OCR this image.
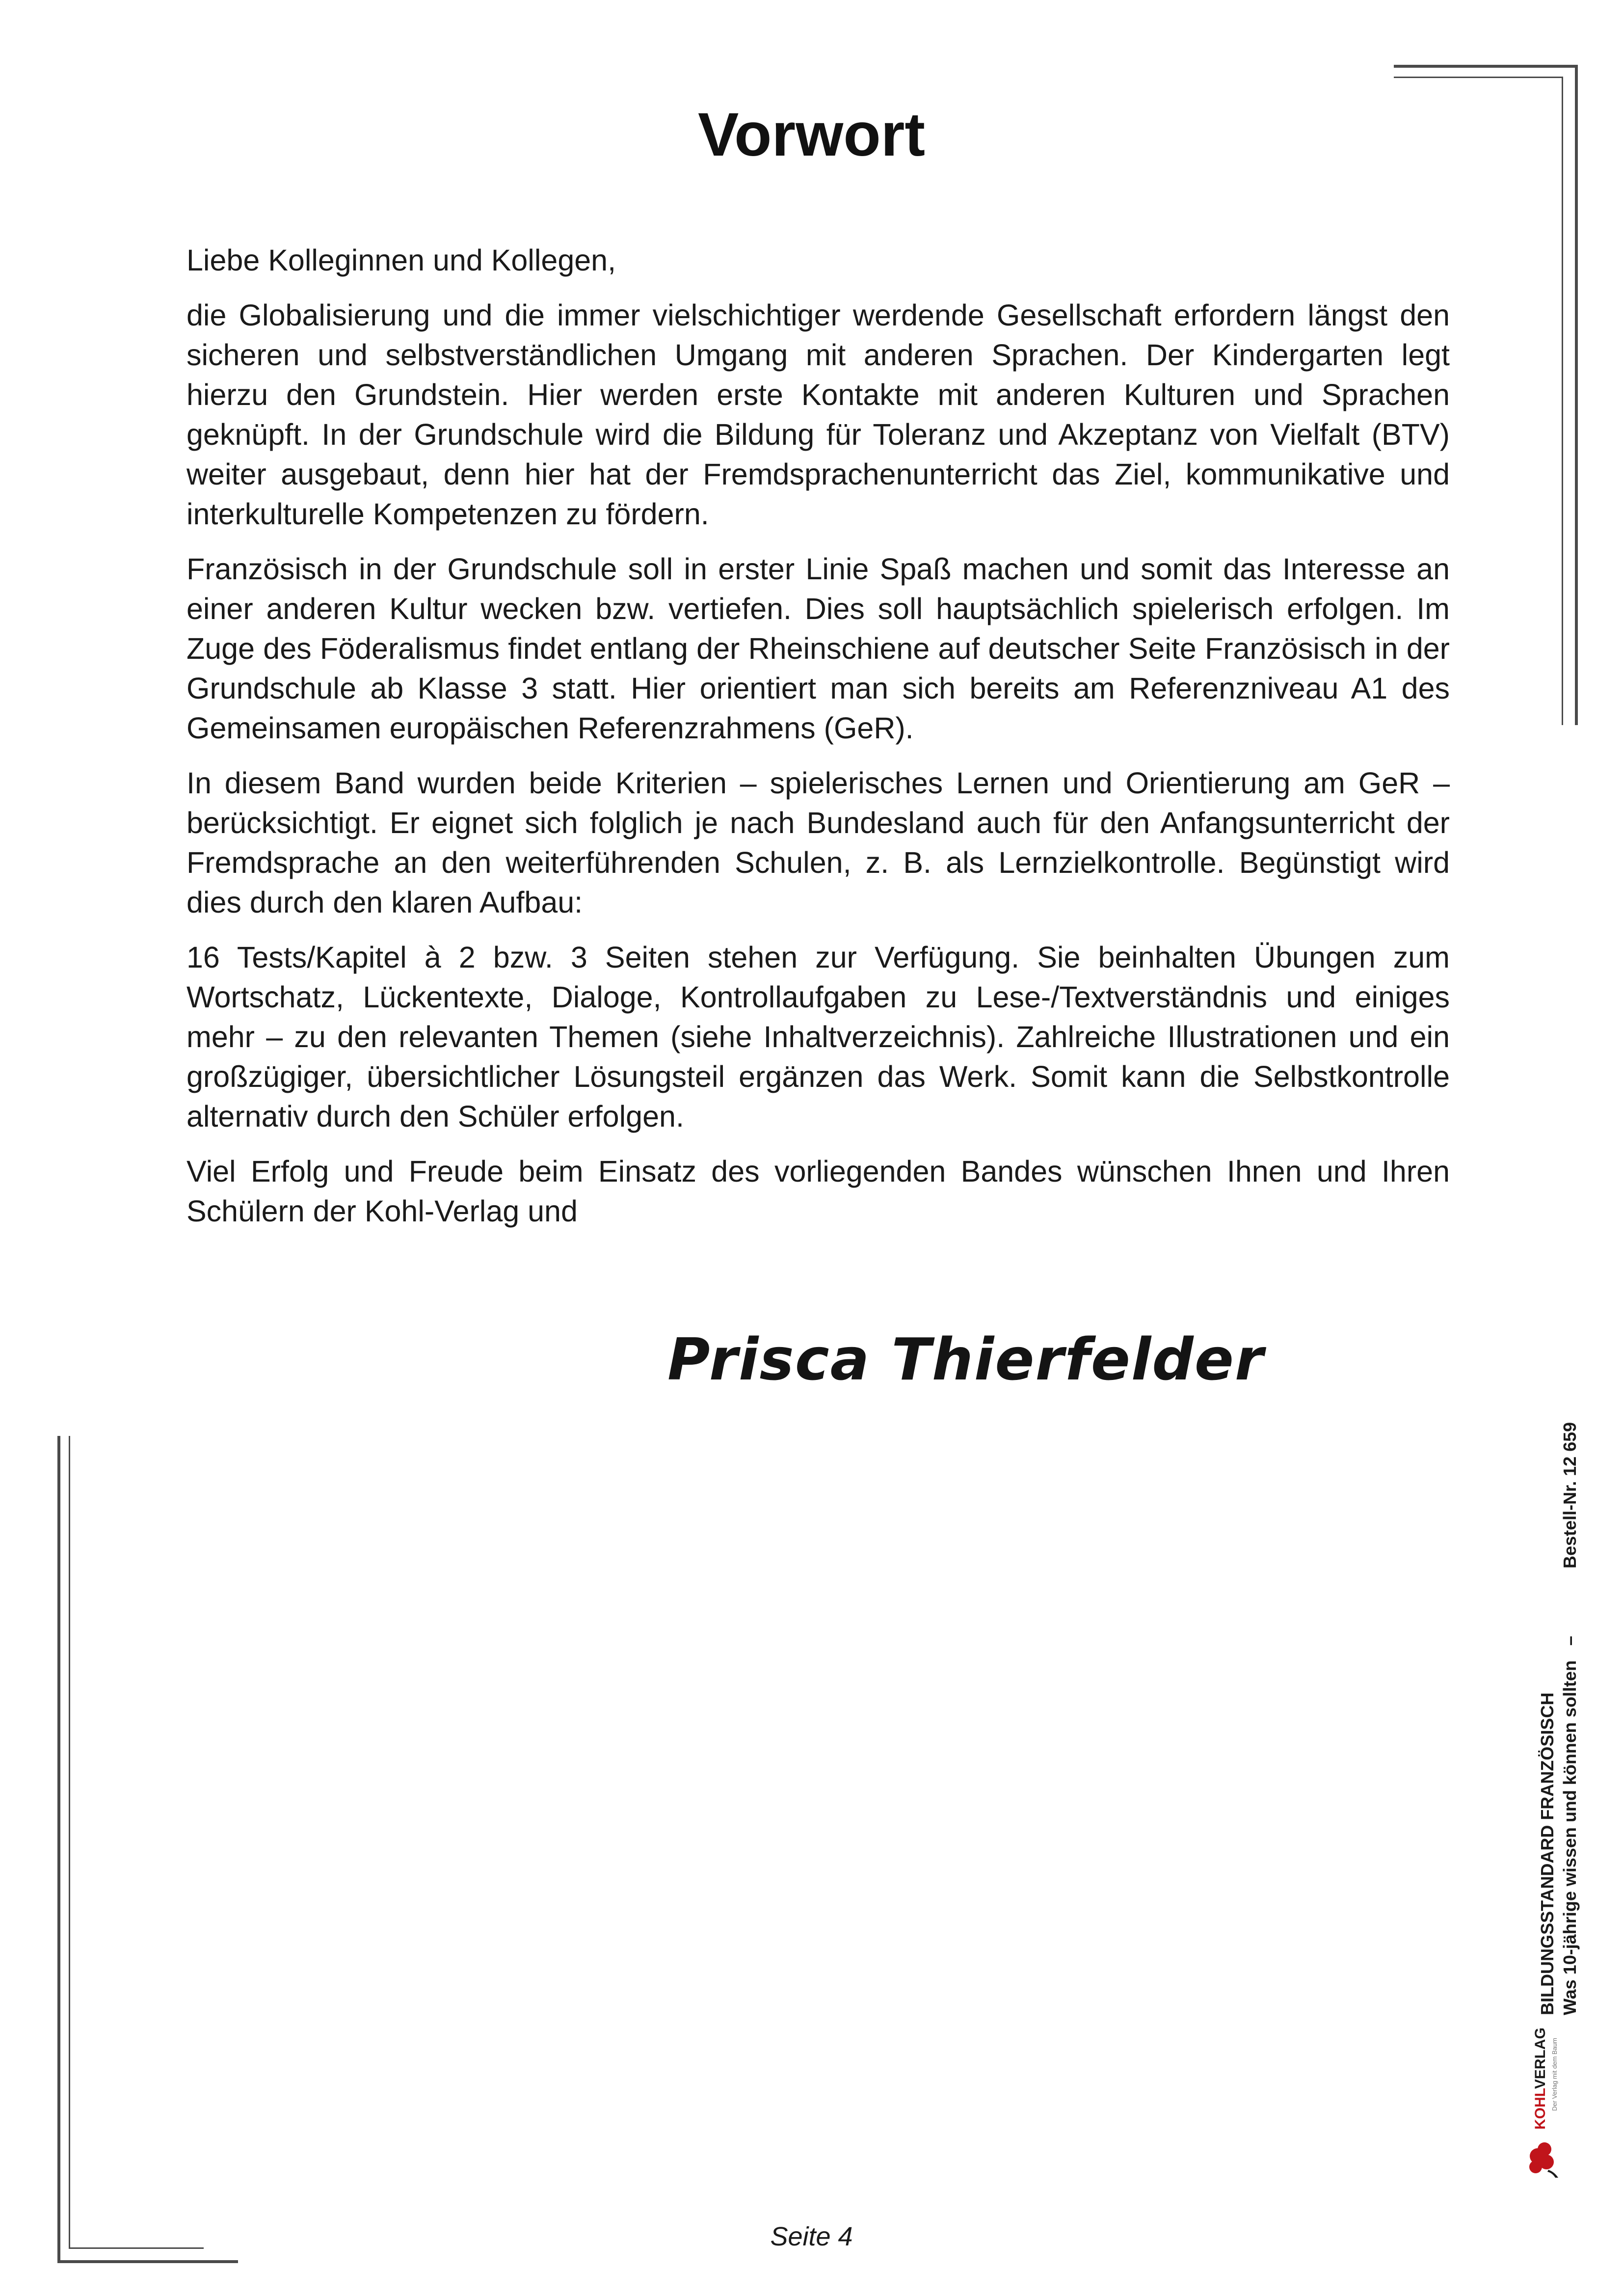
Vorwort

Liebe Kolleginnen und Kollegen,

die Globalisierung und die immer vielschichtiger werdende Gesellschaft erfordern längst den sicheren und selbstverständlichen Umgang mit anderen Sprachen. Der Kindergarten legt hierzu den Grundstein. Hier werden erste Kontakte mit anderen Kulturen und Sprachen geknüpft. In der Grundschule wird die Bildung für Toleranz und Akzeptanz von Vielfalt (BTV) weiter ausgebaut, denn hier hat der Fremdsprachenunterricht das Ziel, kommunikative und interkulturelle Kompetenzen zu fördern.

Französisch in der Grundschule soll in erster Linie Spaß machen und somit das Interesse an einer anderen Kultur wecken bzw. vertiefen. Dies soll hauptsächlich spielerisch erfolgen. Im Zuge des Föderalismus findet entlang der Rheinschiene auf deutscher Seite Französisch in der Grundschule ab Klasse 3 statt. Hier orientiert man sich bereits am Referenzniveau A1 des Gemeinsamen europäischen Referenzrahmens (GeR).

In diesem Band wurden beide Kriterien – spielerisches Lernen und Orientierung am GeR – berücksichtigt. Er eignet sich folglich je nach Bundesland auch für den Anfangsunterricht der Fremdsprache an den weiterführenden Schulen, z. B. als Lernzielkontrolle. Begünstigt wird dies durch den klaren Aufbau:

16 Tests/Kapitel à 2 bzw. 3 Seiten stehen zur Verfügung. Sie beinhalten Übungen zum Wortschatz, Lückentexte, Dialoge, Kontrollaufgaben zu Lese-/Textverständnis und einiges mehr – zu den relevanten Themen (siehe Inhaltverzeichnis). Zahlreiche Illustrationen und ein großzügiger, übersichtlicher Lösungsteil ergänzen das Werk. Somit kann die Selbstkontrolle alternativ durch den Schüler erfolgen.

Viel Erfolg und Freude beim Einsatz des vorliegenden Bandes wünschen Ihnen und Ihren Schülern der Kohl-Verlag und

Prisca Thierfelder
BILDUNGSSTANDARD FRANZÖSISCH Was 10-jährige wissen und können sollten–
Bestell-Nr. 12 659
KOHLVERLAG Der Verlag mit dem Baum
Seite 4
